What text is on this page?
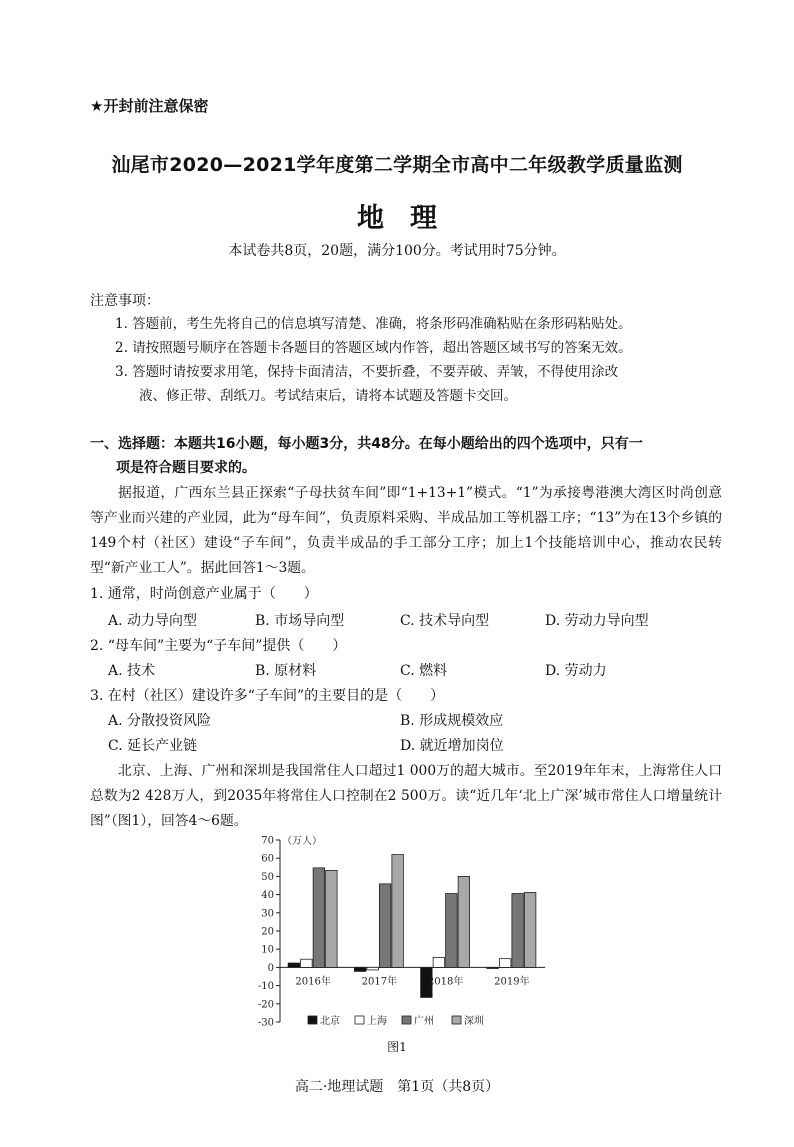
★开封前注意保密
汕尾市2020—2021学年度第二学期全市高中二年级教学质量监测
地理
本试卷共8页，20题，满分100分。考试用时75分钟。
注意事项：
1. 答题前，考生先将自己的信息填写清楚、准确，将条形码准确粘贴在条形码粘贴处。
2. 请按照题号顺序在答题卡各题目的答题区域内作答，超出答题区域书写的答案无效。
3. 答题时请按要求用笔，保持卡面清洁，不要折叠，不要弄破、弄皱，不得使用涂改
液、修正带、刮纸刀。考试结束后，请将本试题及答题卡交回。
一、选择题：本题共16小题，每小题3分，共48分。在每小题给出的四个选项中，只有一
项是符合题目要求的。
据报道，广西东兰县正探索“子母扶贫车间”即“1+13+1”模式。“1”为承接粤港澳大湾区时尚创意等产业而兴建的产业园，此为“母车间”，负责原料采购、半成品加工等机器工序；“13”为在13个乡镇的149个村（社区）建设“子车间”，负责半成品的手工部分工序；加上1个技能培训中心，推动农民转型“新产业工人”。据此回答1～3题。
1. 通常，时尚创意产业属于（　　）
A. 动力导向型	B. 市场导向型	C. 技术导向型	D. 劳动力导向型
2. “母车间”主要为“子车间”提供（　　）
A. 技术	B. 原材料	C. 燃料	D. 劳动力
3. 在村（社区）建设许多“子车间”的主要目的是（　　）
A. 分散投资风险	B. 形成规模效应
C. 延长产业链	D. 就近增加岗位
北京、上海、广州和深圳是我国常住人口超过1 000万的超大城市。至2019年年末，上海常住人口总数为2 428万人，到2035年将常住人口控制在2 500万。读“近几年‘北上广深’城市常住人口增量统计图”（图1），回答4～6题。
70
60
50
40
30
20
10
0
-10
-20
-30
（万人）
2016年	2017年	2018年	2019年
北京	上海	广州	深圳
图1
高二·地理试题　第1页（共8页）
